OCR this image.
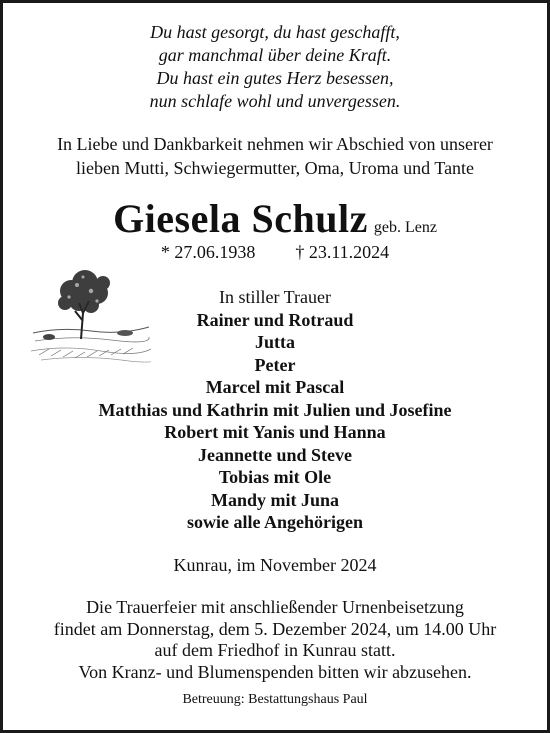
Du hast gesorgt, du hast geschafft,
gar manchmal über deine Kraft.
Du hast ein gutes Herz besessen,
nun schlafe wohl und unvergessen.
In Liebe und Dankbarkeit nehmen wir Abschied von unserer
lieben Mutti, Schwiegermutter, Oma, Uroma und Tante
Giesela Schulz geb. Lenz
* 27.06.1938 † 23.11.2024
In stiller Trauer
Rainer und Rotraud
Jutta
Peter
Marcel mit Pascal
Matthias und Kathrin mit Julien und Josefine
Robert mit Yanis und Hanna
Jeannette und Steve
Tobias mit Ole
Mandy mit Juna
sowie alle Angehörigen
Kunrau, im November 2024
Die Trauerfeier mit anschließender Urnenbeisetzung
findet am Donnerstag, dem 5. Dezember 2024, um 14.00 Uhr
auf dem Friedhof in Kunrau statt.
Von Kranz- und Blumenspenden bitten wir abzusehen.
Betreuung: Bestattungshaus Paul
